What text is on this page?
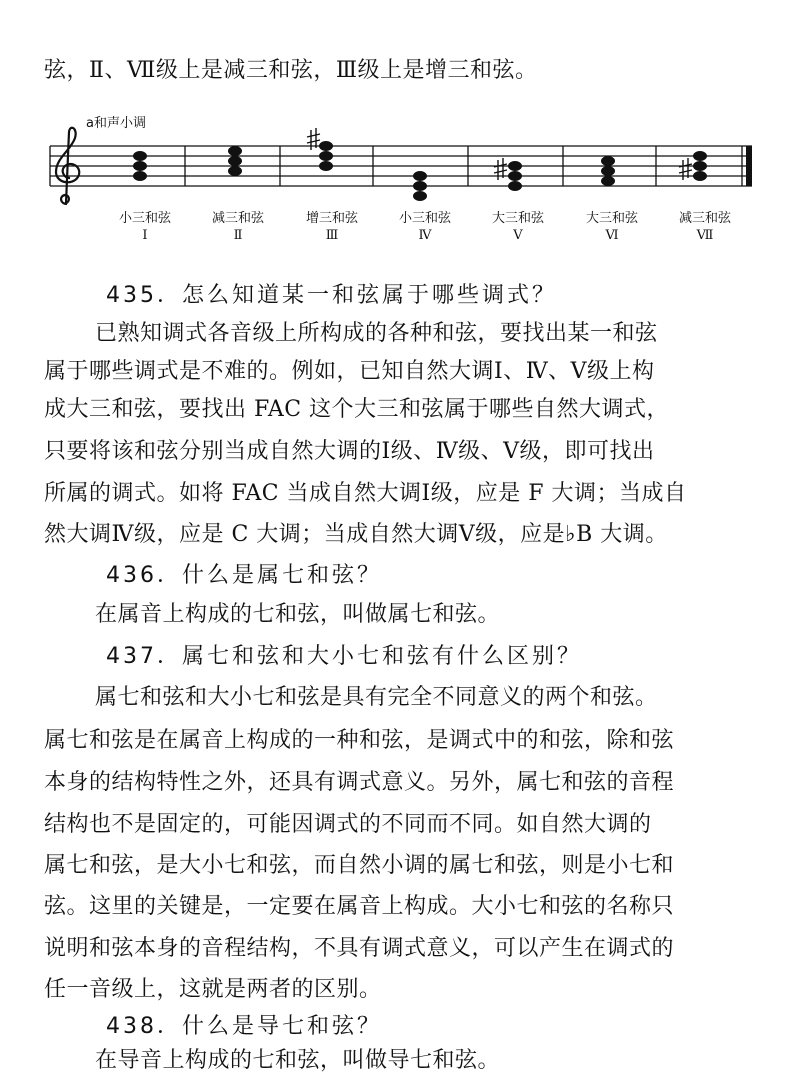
弦，Ⅱ、Ⅶ级上是减三和弦，Ⅲ级上是增三和弦。
a和声小调
小三和弦	减三和弦	增三和弦	小三和弦	大三和弦	大三和弦	减三和弦
Ⅰ	Ⅱ	Ⅲ	Ⅳ	Ⅴ	Ⅵ	Ⅶ
435．怎么知道某一和弦属于哪些调式？
已熟知调式各音级上所构成的各种和弦，要找出某一和弦
属于哪些调式是不难的。例如，已知自然大调Ⅰ、Ⅳ、Ⅴ级上构
成大三和弦，要找出 FAC 这个大三和弦属于哪些自然大调式，
只要将该和弦分别当成自然大调的Ⅰ级、Ⅳ级、Ⅴ级，即可找出
所属的调式。如将 FAC 当成自然大调Ⅰ级，应是 F 大调；当成自
然大调Ⅳ级，应是 C 大调；当成自然大调Ⅴ级，应是♭B 大调。
436．什么是属七和弦？
在属音上构成的七和弦，叫做属七和弦。
437．属七和弦和大小七和弦有什么区别？
属七和弦和大小七和弦是具有完全不同意义的两个和弦。
属七和弦是在属音上构成的一种和弦，是调式中的和弦，除和弦
本身的结构特性之外，还具有调式意义。另外，属七和弦的音程
结构也不是固定的，可能因调式的不同而不同。如自然大调的
属七和弦，是大小七和弦，而自然小调的属七和弦，则是小七和
弦。这里的关键是，一定要在属音上构成。大小七和弦的名称只
说明和弦本身的音程结构，不具有调式意义，可以产生在调式的
任一音级上，这就是两者的区别。
438．什么是导七和弦？
在导音上构成的七和弦，叫做导七和弦。
